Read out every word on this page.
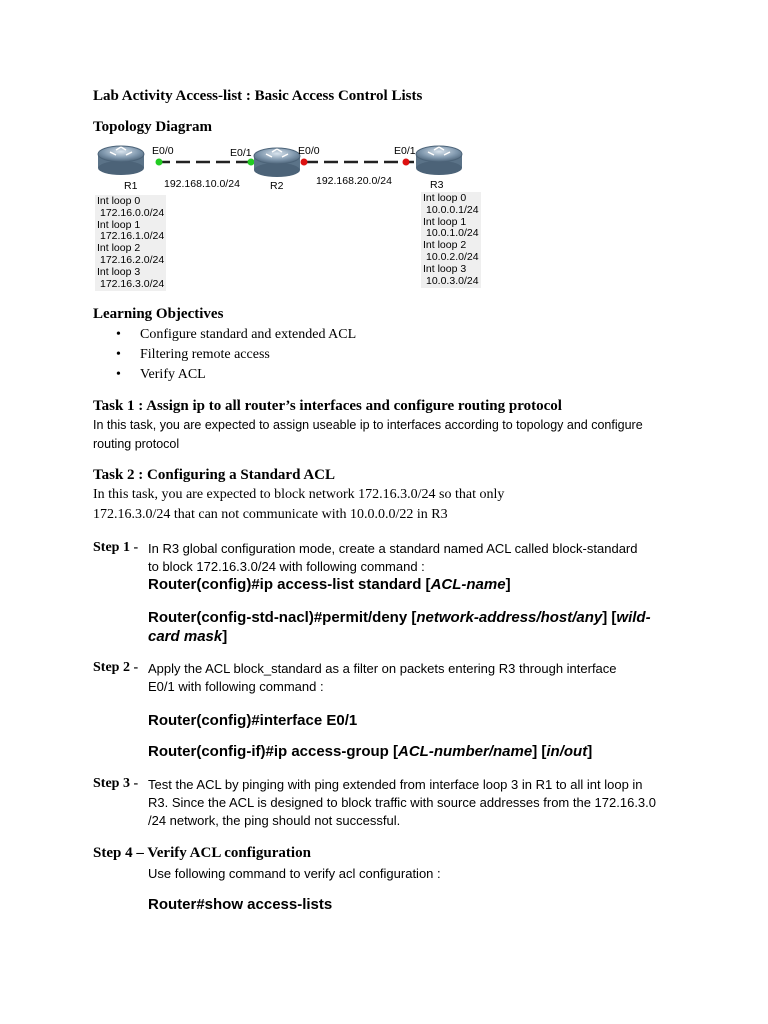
Lab Activity Access-list : Basic Access Control Lists
Topology Diagram
E0/0	E0/1	E0/0	E0/1
192.168.10.0/24	192.168.20.0/24
R1	R2	R3
Int loop 0
172.16.0.0/24
Int loop 1
172.16.1.0/24
Int loop 2
172.16.2.0/24
Int loop 3
172.16.3.0/24
Int loop 0
10.0.0.1/24
Int loop 1
10.0.1.0/24
Int loop 2
10.0.2.0/24
Int loop 3
10.0.3.0/24
Learning Objectives
• Configure standard and extended ACL
• Filtering remote access
• Verify ACL
Task 1 : Assign ip to all router’s interfaces and configure routing protocol
In this task, you are expected to assign useable ip to interfaces according to topology and configure
routing protocol
Task 2 : Configuring a Standard ACL
In this task, you are expected to block network 172.16.3.0/24 so that only
172.16.3.0/24 that can not communicate with 10.0.0.0/22 in R3
Step 1 - In R3 global configuration mode, create a standard named ACL called block-standard
to block 172.16.3.0/24 with following command :
Router(config)#ip access-list standard [ACL-name]
Router(config-std-nacl)#permit/deny [network-address/host/any] [wild-
card mask]
Step 2 - Apply the ACL block_standard as a filter on packets entering R3 through interface
E0/1 with following command :
Router(config)#interface E0/1
Router(config-if)#ip access-group [ACL-number/name] [in/out]
Step 3 - Test the ACL by pinging with ping extended from interface loop 3 in R1 to all int loop in
R3. Since the ACL is designed to block traffic with source addresses from the 172.16.3.0
/24 network, the ping should not successful.
Step 4 – Verify ACL configuration
Use following command to verify acl configuration :
Router#show access-lists
